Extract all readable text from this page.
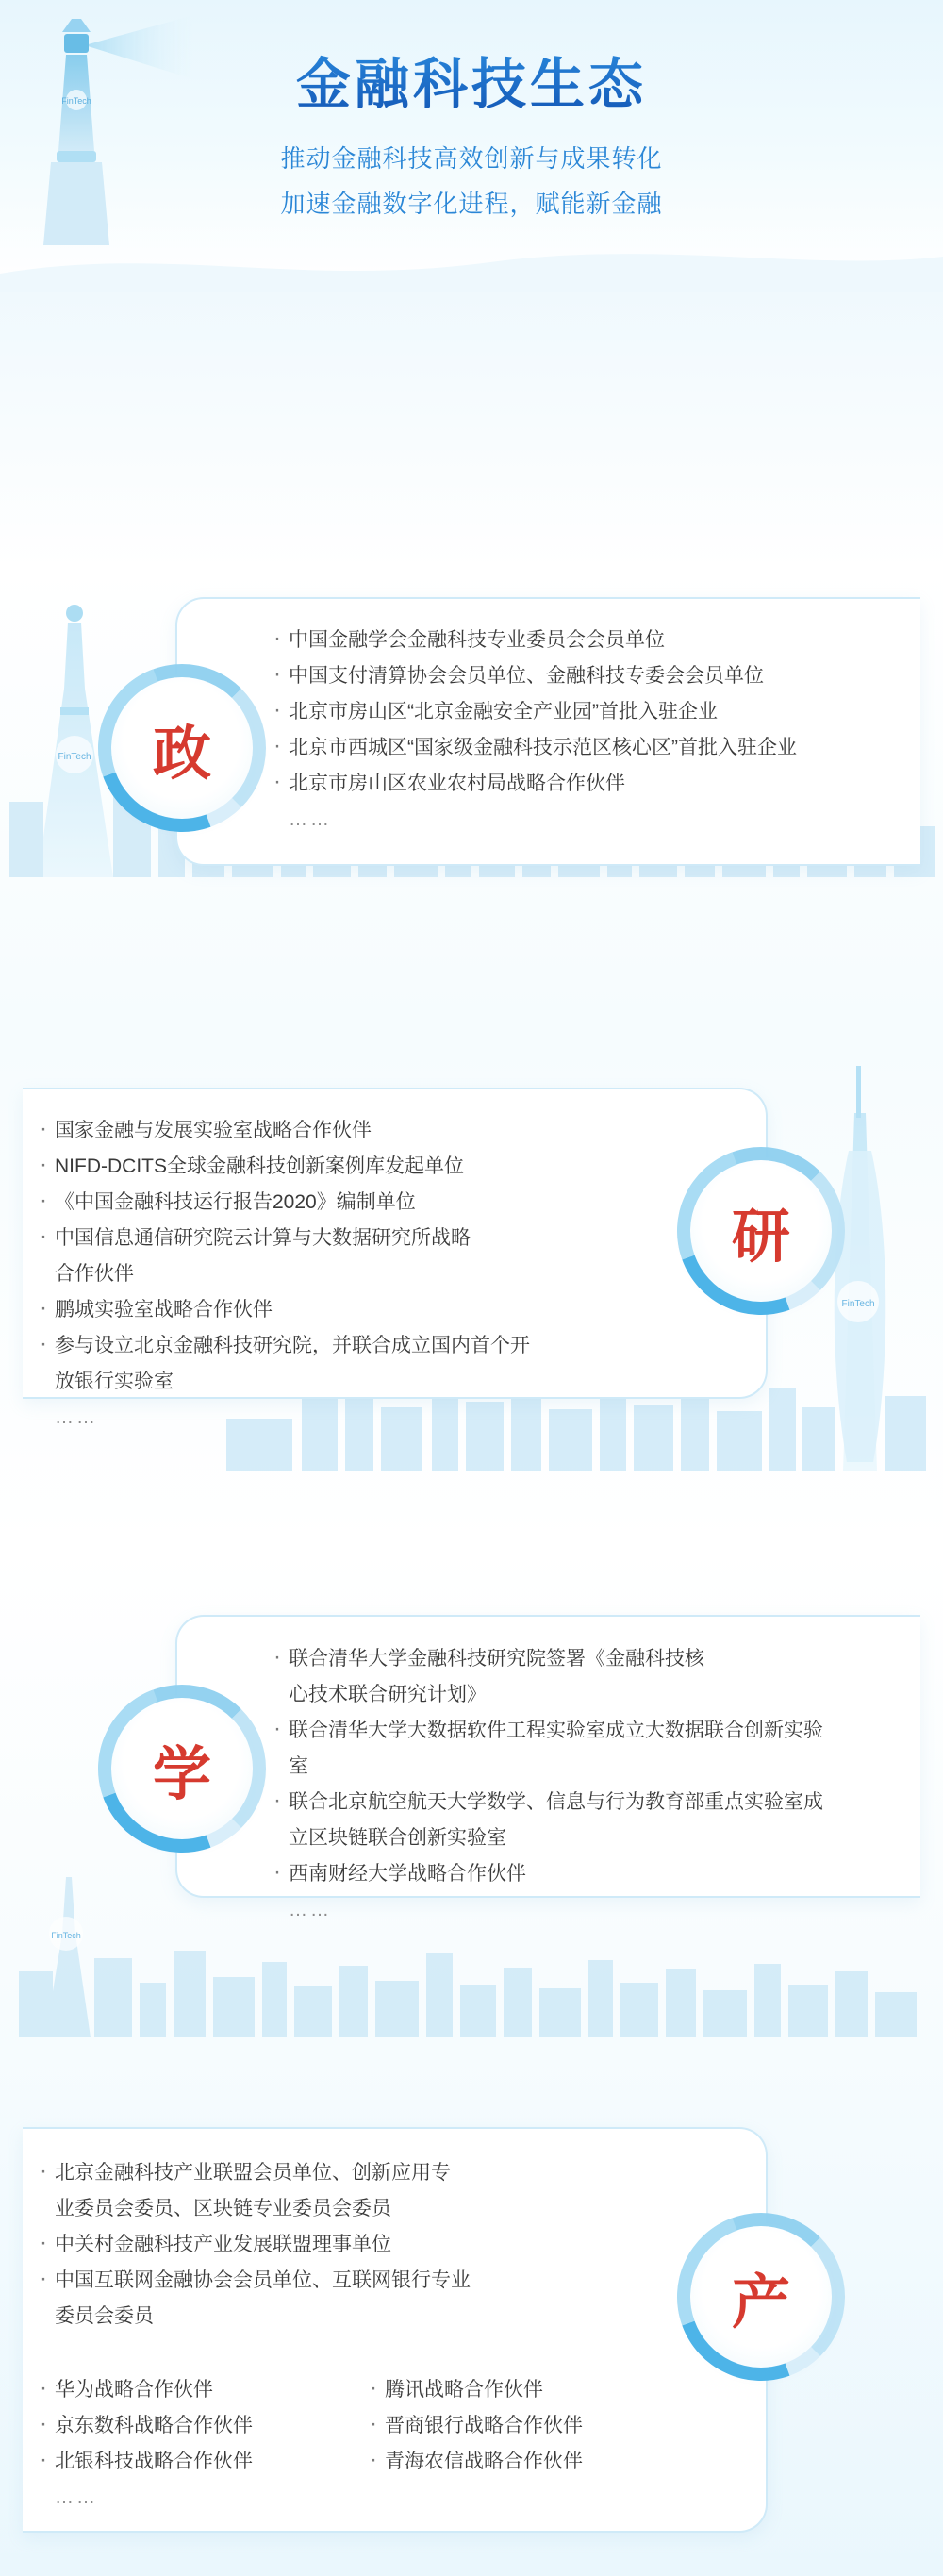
金融科技生态
推动金融科技高效创新与成果转化
加速金融数字化进程，赋能新金融
FinTech 政
· 中国金融学会金融科技专业委员会会员单位
· 中国支付清算协会会员单位、金融科技专委会会员单位
· 北京市房山区“北京金融安全产业园”首批入驻企业
· 北京市西城区“国家级金融科技示范区核心区”首批入驻企业
· 北京市房山区农业农村局战略合作伙伴
……
FinTech
研
· 国家金融与发展实验室战略合作伙伴
· NIFD-DCITS全球金融科技创新案例库发起单位
· 《中国金融科技运行报告2020》编制单位
· 中国信息通信研究院云计算与大数据研究所战略合作伙伴
· 鹏城实验室战略合作伙伴
· 参与设立北京金融科技研究院，并联合成立国内首个开放银行实验室
……
FinTech
学
· 联合清华大学金融科技研究院签署《金融科技核心技术联合研究计划》
· 联合清华大学大数据软件工程实验室成立大数据联合创新实验室
· 联合北京航空航天大学数学、信息与行为教育部重点实验室成立区块链联合创新实验室
· 西南财经大学战略合作伙伴
……
产
· 北京金融科技产业联盟会员单位、创新应用专业委员会委员、区块链专业委员会委员
· 中关村金融科技产业发展联盟理事单位
· 中国互联网金融协会会员单位、互联网银行专业委员会委员
· 华为战略合作伙伴
· 京东数科战略合作伙伴
· 北银科技战略合作伙伴
……
· 腾讯战略合作伙伴
· 晋商银行战略合作伙伴
· 青海农信战略合作伙伴
